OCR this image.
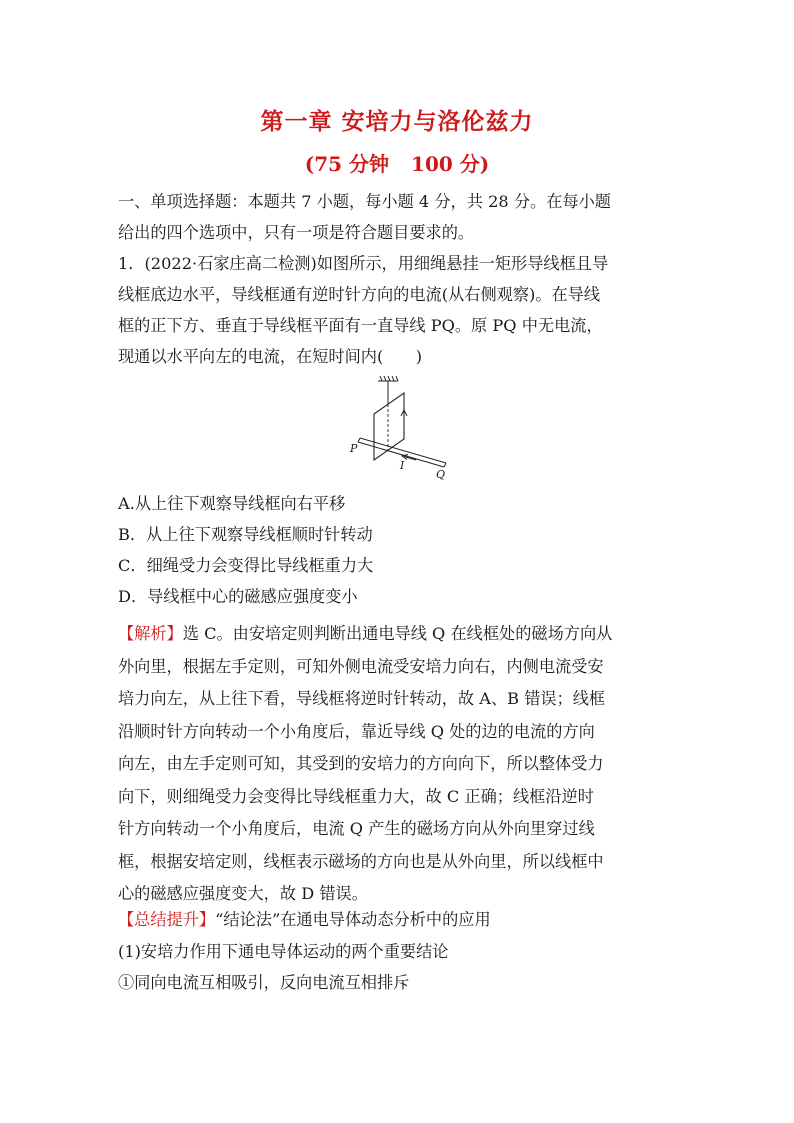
第一章 安培力与洛伦兹力
(75 分钟 100 分)
一、单项选择题：本题共 7 小题，每小题 4 分，共 28 分。在每小题
给出的四个选项中，只有一项是符合题目要求的。
1．(2022·石家庄高二检测)如图所示，用细绳悬挂一矩形导线框且导
线框底边水平，导线框通有逆时针方向的电流(从右侧观察)。在导线
框的正下方、垂直于导线框平面有一直导线 PQ。原 PQ 中无电流，
现通以水平向左的电流，在短时间内(　　)
P
I
Q
A.从上往下观察导线框向右平移
B．从上往下观察导线框顺时针转动
C．细绳受力会变得比导线框重力大
D．导线框中心的磁感应强度变小
【解析】选 C。由安培定则判断出通电导线 Q 在线框处的磁场方向从
外向里，根据左手定则，可知外侧电流受安培力向右，内侧电流受安
培力向左，从上往下看，导线框将逆时针转动，故 A、B 错误；线框
沿顺时针方向转动一个小角度后，靠近导线 Q 处的边的电流的方向
向左，由左手定则可知，其受到的安培力的方向向下，所以整体受力
向下，则细绳受力会变得比导线框重力大，故 C 正确；线框沿逆时
针方向转动一个小角度后，电流 Q 产生的磁场方向从外向里穿过线
框，根据安培定则，线框表示磁场的方向也是从外向里，所以线框中
心的磁感应强度变大，故 D 错误。
【总结提升】“结论法”在通电导体动态分析中的应用
(1)安培力作用下通电导体运动的两个重要结论
①同向电流互相吸引，反向电流互相排斥
